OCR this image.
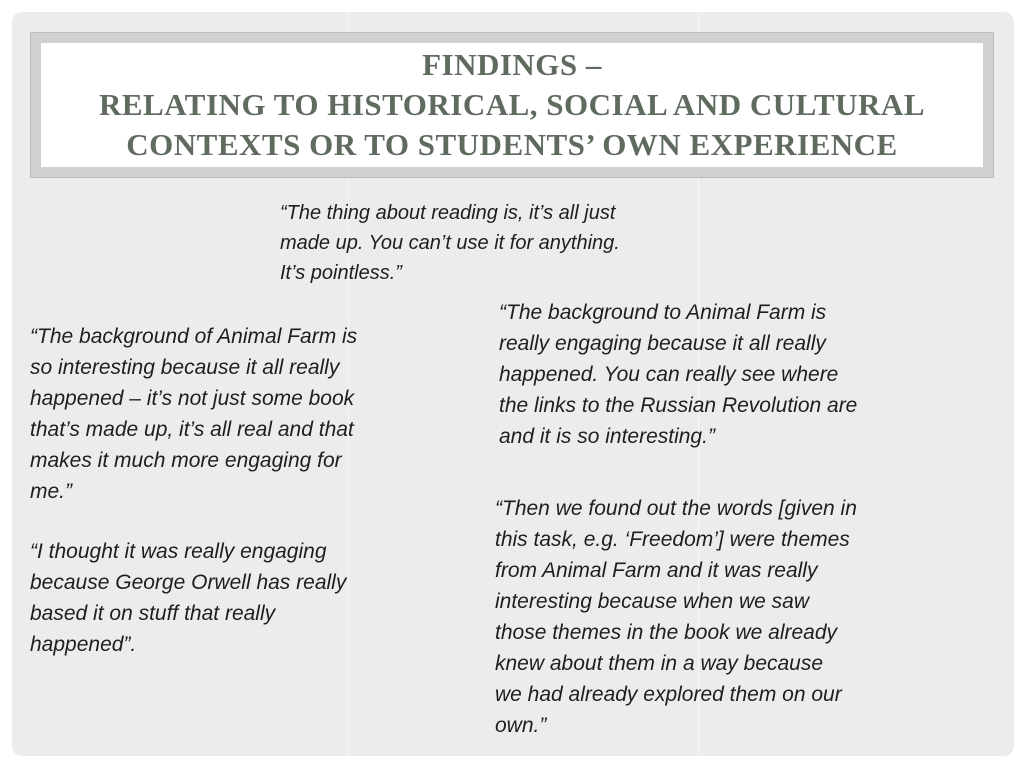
FINDINGS –
RELATING TO HISTORICAL, SOCIAL AND CULTURAL
CONTEXTS OR TO STUDENTS’ OWN EXPERIENCE

“The thing about reading is, it’s all just
made up. You can’t use it for anything.
It’s pointless.”

“The background of Animal Farm is
so interesting because it all really
happened – it’s not just some book
that’s made up, it’s all real and that
makes it much more engaging for
me.”

“I thought it was really engaging
because George Orwell has really
based it on stuff that really
happened”.

“The background to Animal Farm is
really engaging because it all really
happened. You can really see where
the links to the Russian Revolution are
and it is so interesting.”

“Then we found out the words [given in
this task, e.g. ‘Freedom’] were themes
from Animal Farm and it was really
interesting because when we saw
those themes in the book we already
knew about them in a way because
we had already explored them on our
own.”
